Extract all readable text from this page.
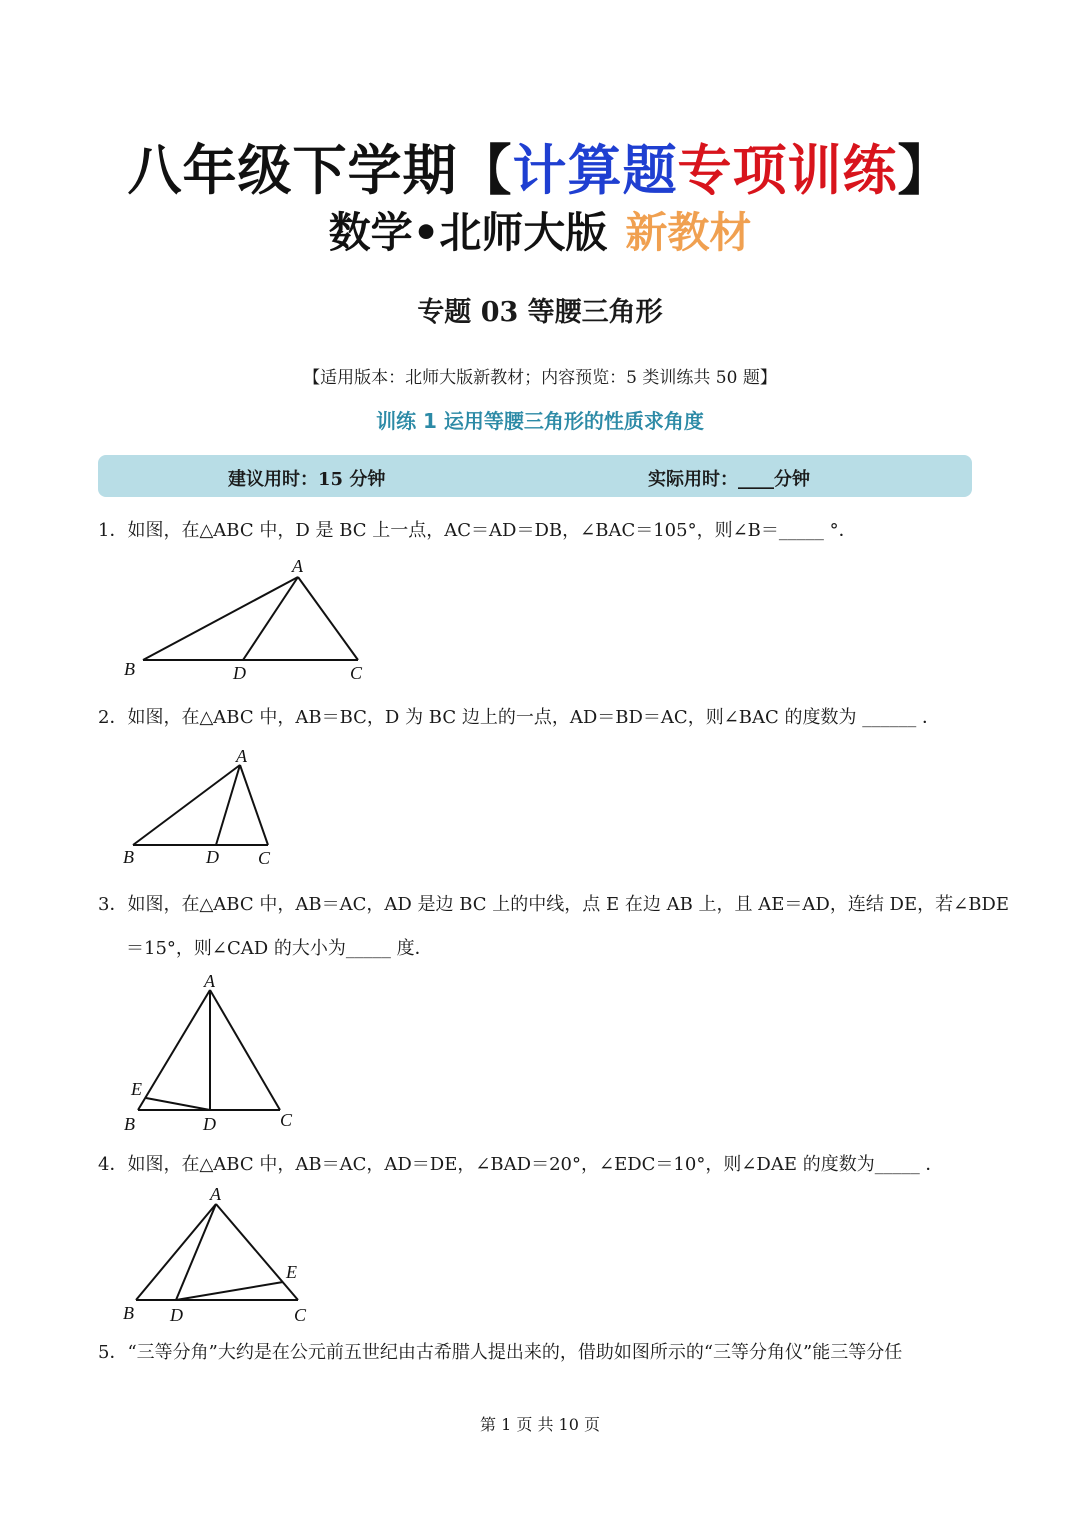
八年级下学期【计算题专项训练】
数学•北师大版 新教材
专题 03 等腰三角形
【适用版本：北师大版新教材；内容预览：5 类训练共 50 题】
训练 1 运用等腰三角形的性质求角度
建议用时：15 分钟	实际用时：____分钟
1．如图，在△ABC 中，D 是 BC 上一点，AC＝AD＝DB，∠BAC＝105°，则∠B＝_____ °．
A
B	D	C
2．如图，在△ABC 中，AB＝BC，D 为 BC 边上的一点，AD＝BD＝AC，则∠BAC 的度数为 ______ ．
A
B	D C
3．如图，在△ABC 中，AB＝AC，AD 是边 BC 上的中线，点 E 在边 AB 上，且 AE＝AD，连结 DE，若∠BDE
＝15°，则∠CAD 的大小为_____ 度．
A
E
B	D	C
4．如图，在△ABC 中，AB＝AC，AD＝DE，∠BAD＝20°，∠EDC＝10°，则∠DAE 的度数为_____ ．
A
E
B D	C
5．“三等分角”大约是在公元前五世纪由古希腊人提出来的，借助如图所示的“三等分角仪”能三等分任
第 1 页 共 10 页
